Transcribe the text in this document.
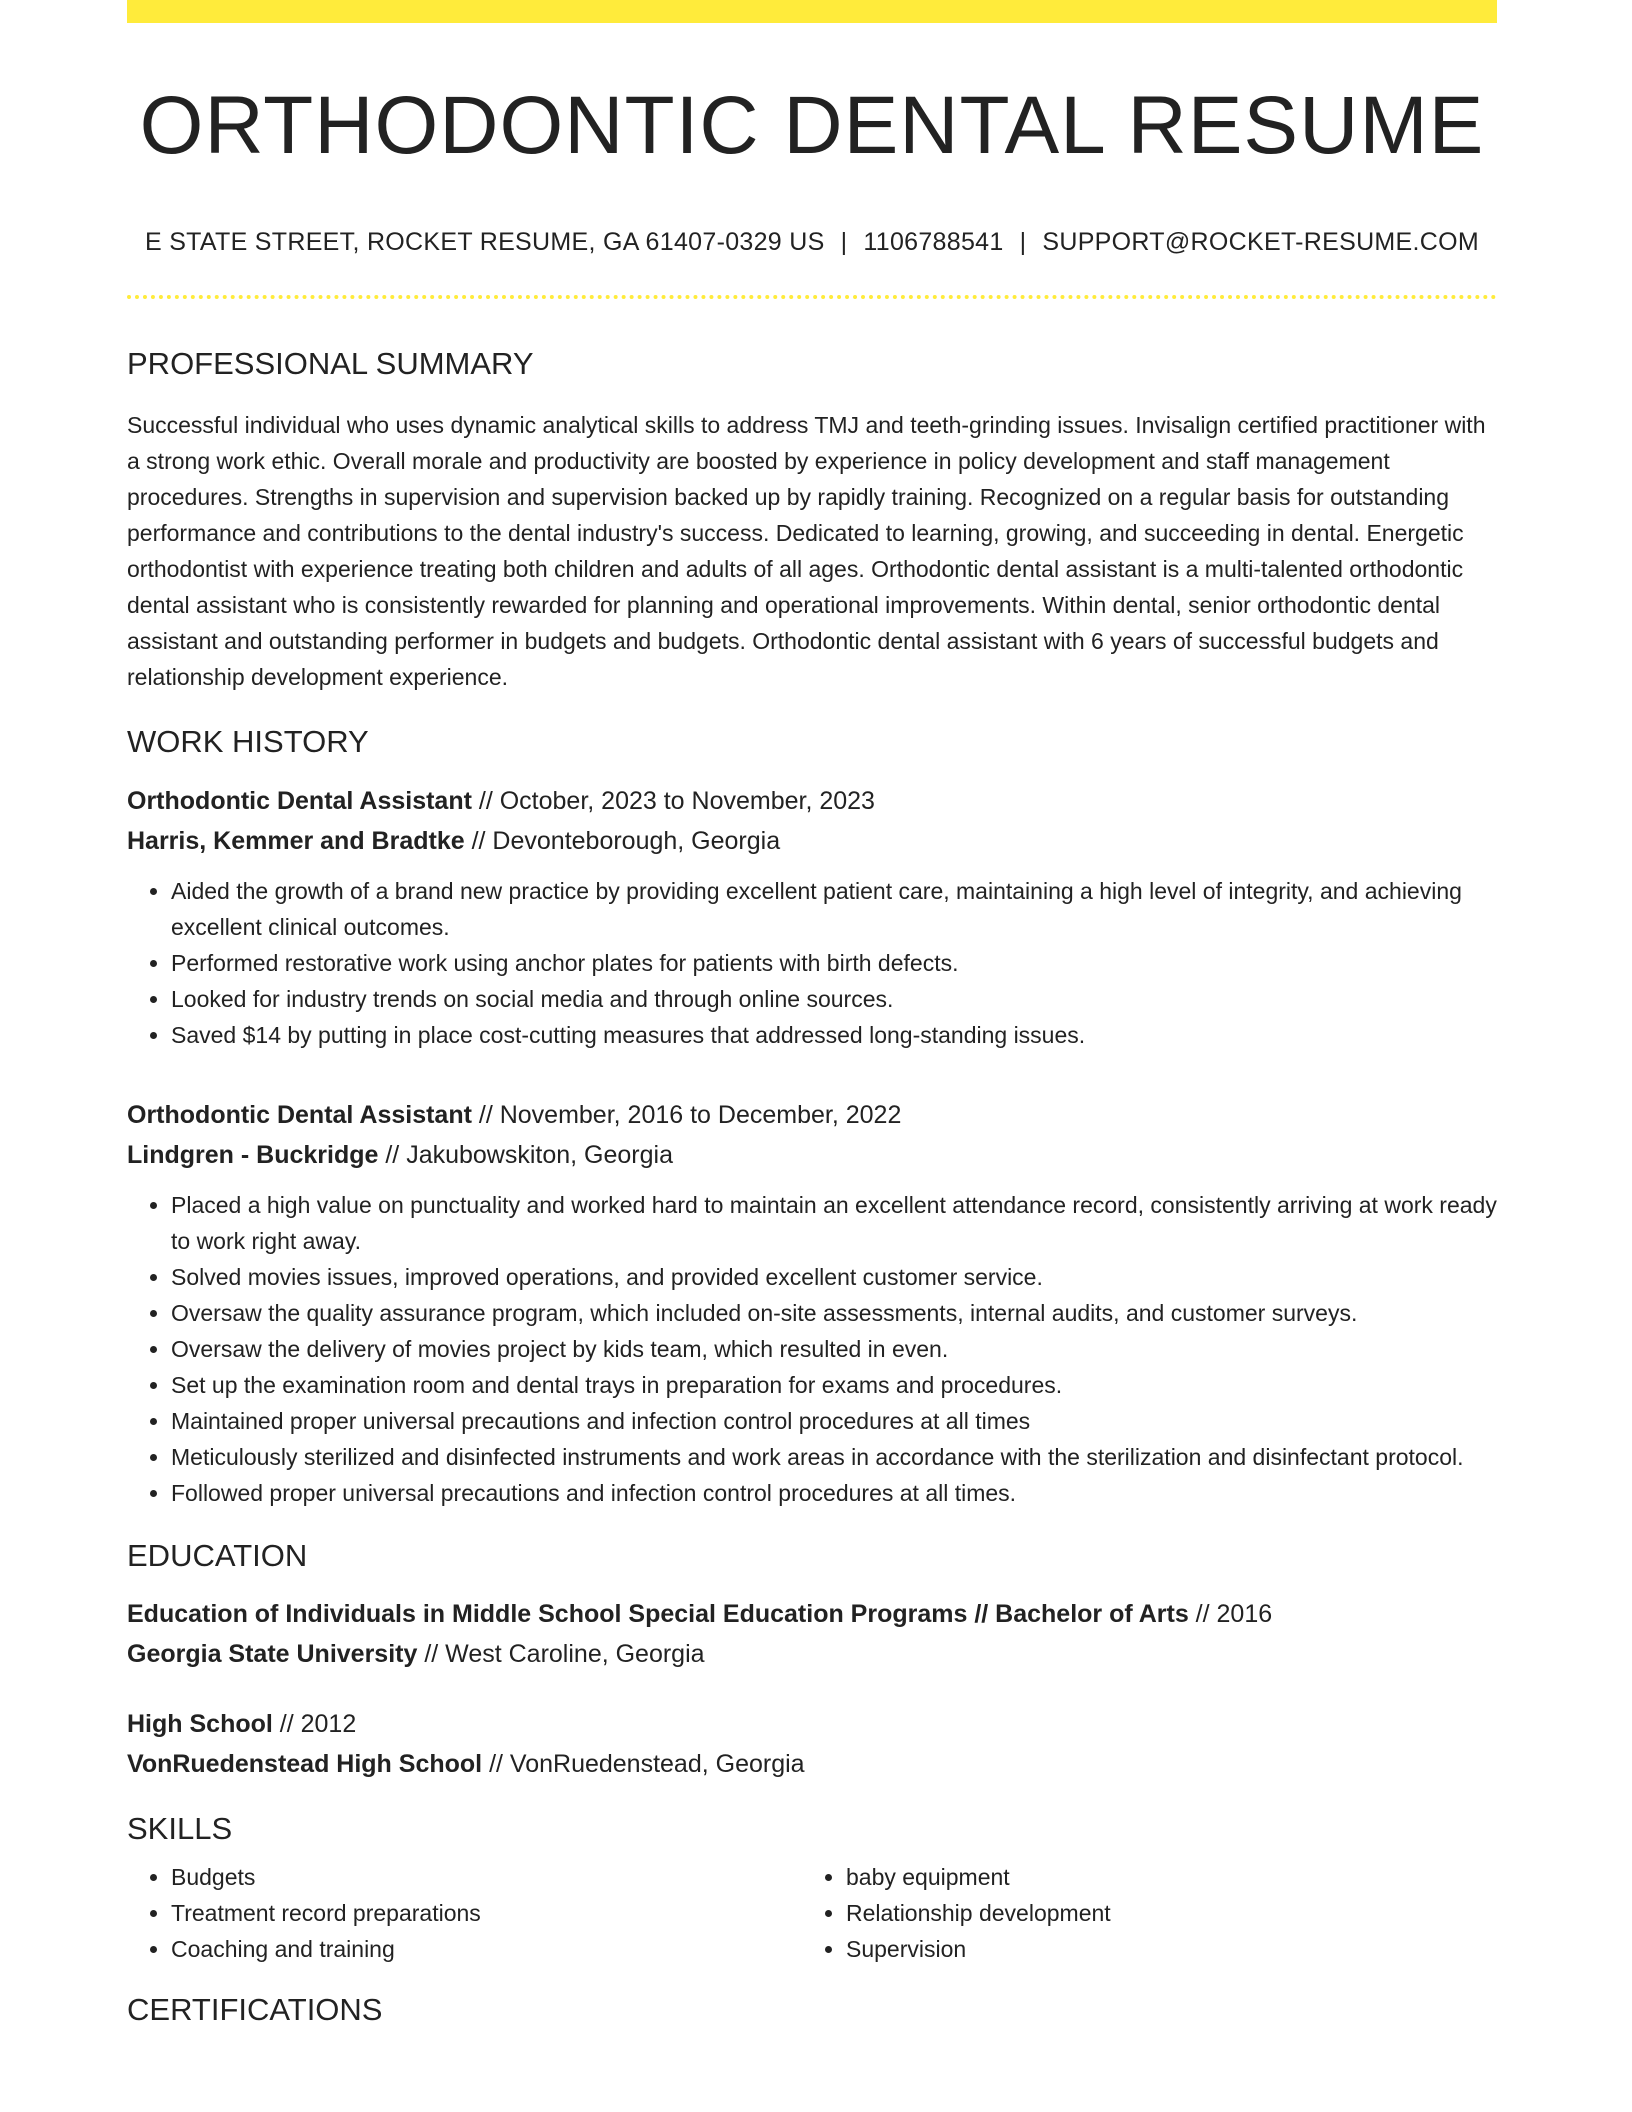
ORTHODONTIC DENTAL RESUME
E STATE STREET, ROCKET RESUME, GA 61407-0329 US | 1106788541 | SUPPORT@ROCKET-RESUME.COM
PROFESSIONAL SUMMARY
Successful individual who uses dynamic analytical skills to address TMJ and teeth-grinding issues. Invisalign certified practitioner with a strong work ethic. Overall morale and productivity are boosted by experience in policy development and staff management procedures. Strengths in supervision and supervision backed up by rapidly training. Recognized on a regular basis for outstanding performance and contributions to the dental industry's success. Dedicated to learning, growing, and succeeding in dental. Energetic orthodontist with experience treating both children and adults of all ages. Orthodontic dental assistant is a multi-talented orthodontic dental assistant who is consistently rewarded for planning and operational improvements. Within dental, senior orthodontic dental assistant and outstanding performer in budgets and budgets. Orthodontic dental assistant with 6 years of successful budgets and relationship development experience.
WORK HISTORY
Orthodontic Dental Assistant // October, 2023 to November, 2023
Harris, Kemmer and Bradtke // Devonteborough, Georgia
• Aided the growth of a brand new practice by providing excellent patient care, maintaining a high level of integrity, and achieving excellent clinical outcomes.
• Performed restorative work using anchor plates for patients with birth defects.
• Looked for industry trends on social media and through online sources.
• Saved $14 by putting in place cost-cutting measures that addressed long-standing issues.
Orthodontic Dental Assistant // November, 2016 to December, 2022
Lindgren - Buckridge // Jakubowskiton, Georgia
• Placed a high value on punctuality and worked hard to maintain an excellent attendance record, consistently arriving at work ready to work right away.
• Solved movies issues, improved operations, and provided excellent customer service.
• Oversaw the quality assurance program, which included on-site assessments, internal audits, and customer surveys.
• Oversaw the delivery of movies project by kids team, which resulted in even.
• Set up the examination room and dental trays in preparation for exams and procedures.
• Maintained proper universal precautions and infection control procedures at all times
• Meticulously sterilized and disinfected instruments and work areas in accordance with the sterilization and disinfectant protocol.
• Followed proper universal precautions and infection control procedures at all times.
EDUCATION
Education of Individuals in Middle School Special Education Programs // Bachelor of Arts // 2016
Georgia State University // West Caroline, Georgia
High School // 2012
VonRuedenstead High School // VonRuedenstead, Georgia
SKILLS
• Budgets
• Treatment record preparations
• Coaching and training
• baby equipment
• Relationship development
• Supervision
CERTIFICATIONS
